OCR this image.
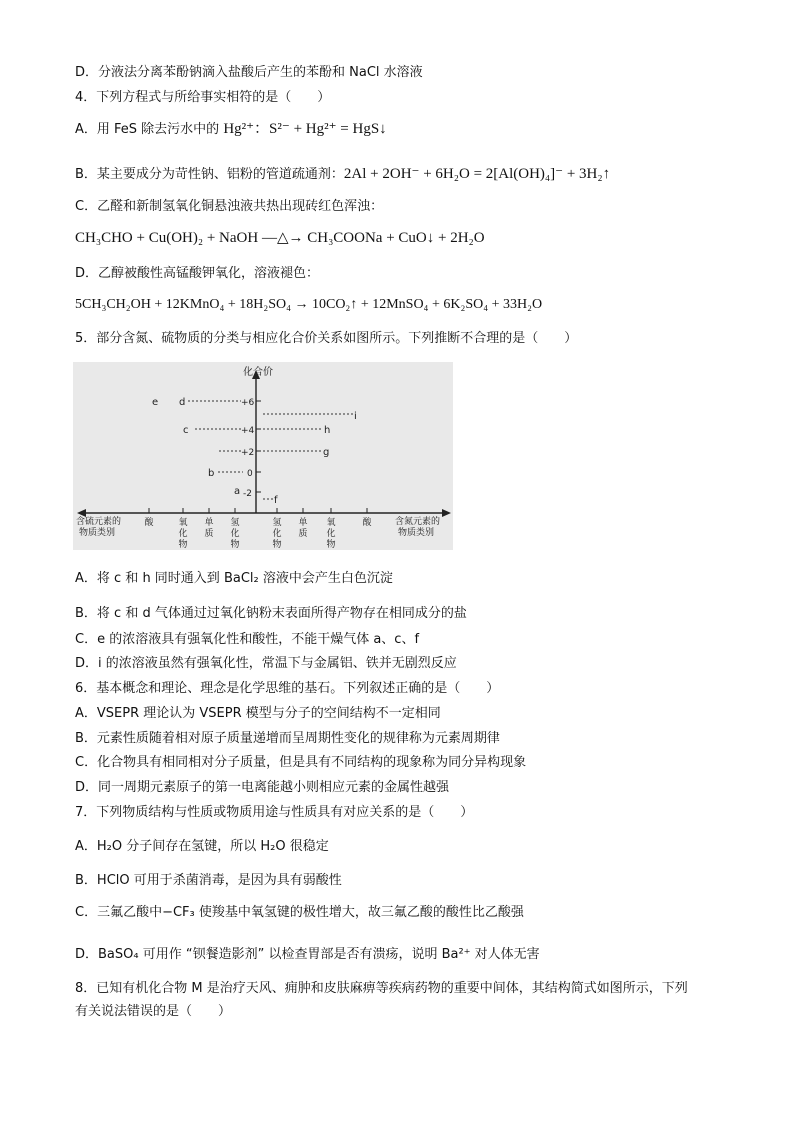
D．分液法分离苯酚钠滴入盐酸后产生的苯酚和 NaCl 水溶液
4．下列方程式与所给事实相符的是（　　）
A．用 FeS 除去污水中的 Hg²⁺：S²⁻ + Hg²⁺ = HgS↓
B．某主要成分为苛性钠、铝粉的管道疏通剂：2Al + 2OH⁻ + 6H₂O = 2[Al(OH)₄]⁻ + 3H₂↑
C．乙醛和新制氢氧化铜悬浊液共热出现砖红色浑浊：
CH₃CHO + Cu(OH)₂ + NaOH —△→ CH₃COONa + CuO↓ + 2H₂O
D．乙醇被酸性高锰酸钾氧化，溶液褪色：
5CH₃CH₂OH + 12KMnO₄ + 18H₂SO₄ → 10CO₂↑ + 12MnSO₄ + 6K₂SO₄ + 33H₂O
5．部分含氮、硫物质的分类与相应化合价关系如图所示。下列推断不合理的是（　　）
化合价
+6
+4
+2
0
-2
e d
c
b
a
i
h
g
f
含硫元素的
物质类别
含氮元素的
物质类别
酸	氧化物
单质
氢化物
氢化物
单质
氧化物
酸
A．将 c 和 h 同时通入到 BaCl₂ 溶液中会产生白色沉淀
B．将 c 和 d 气体通过过氧化钠粉末表面所得产物存在相同成分的盐
C．e 的浓溶液具有强氧化性和酸性，不能干燥气体 a、c、f
D．i 的浓溶液虽然有强氧化性，常温下与金属铝、铁并无剧烈反应
6．基本概念和理论、理念是化学思维的基石。下列叙述正确的是（　　）
A．VSEPR 理论认为 VSEPR 模型与分子的空间结构不一定相同
B．元素性质随着相对原子质量递增而呈周期性变化的规律称为元素周期律
C．化合物具有相同相对分子质量，但是具有不同结构的现象称为同分异构现象
D．同一周期元素原子的第一电离能越小则相应元素的金属性越强
7．下列物质结构与性质或物质用途与性质具有对应关系的是（　　）
A．H₂O 分子间存在氢键，所以 H₂O 很稳定
B．HClO 可用于杀菌消毒，是因为具有弱酸性
C．三氟乙酸中−CF₃ 使羧基中氧氢键的极性增大，故三氟乙酸的酸性比乙酸强
D．BaSO₄ 可用作 “钡餐造影剂” 以检查胃部是否有溃疡，说明 Ba²⁺ 对人体无害
8．已知有机化合物 M 是治疗天风、痈肿和皮肤麻痹等疾病药物的重要中间体，其结构简式如图所示，下列
有关说法错误的是（　　）
